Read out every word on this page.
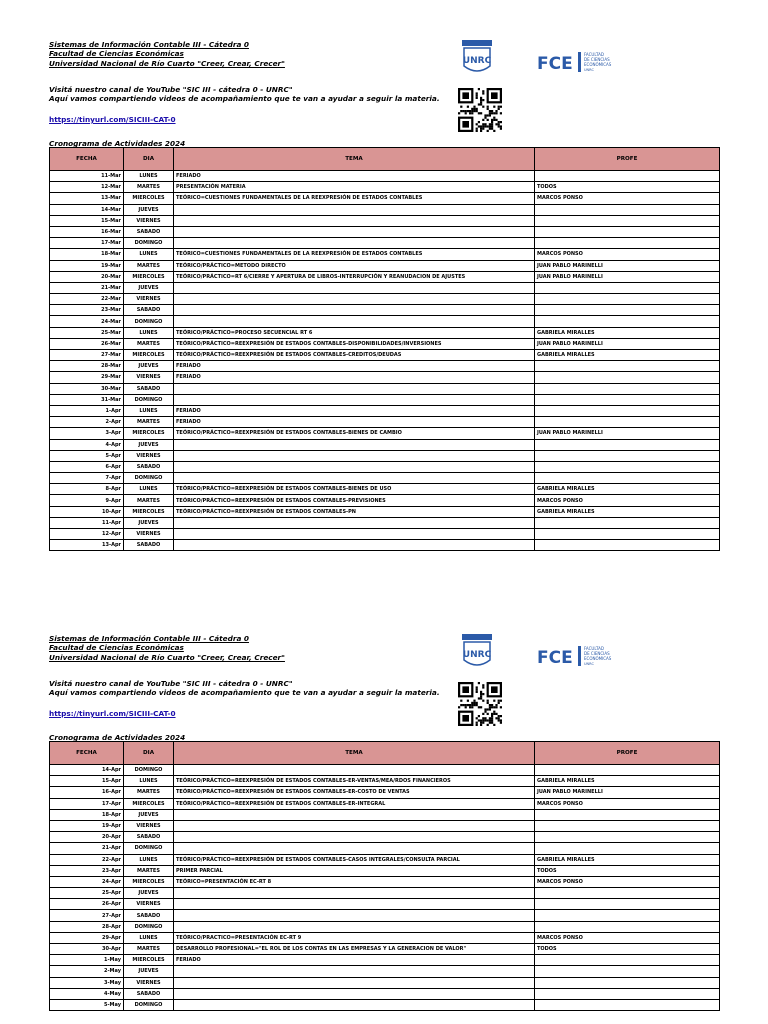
Sistemas de Información Contable III - Cátedra 0
Facultad de Ciencias Económicas
Universidad Nacional de Río Cuarto "Creer, Crear, Crecer"
Visitá nuestro canal de YouTube "SIC III - cátedra 0 - UNRC"
Aquí vamos compartiendo videos de acompañamiento que te van a ayudar a seguir la materia.
https://tinyurl.com/SICIII-CAT-0
Cronograma de Actividades 2024
UNRC	FCE	FACULTAD
DE CIENCIAS
ECONÓMICAS
UNRC
FECHA	DIA	TEMA	PROFE
11-Mar	LUNES	FERIADO	
12-Mar	MARTES	PRESENTACIÓN MATERIA	TODOS
13-Mar	MIERCOLES	TEÓRICO=CUESTIONES FUNDAMENTALES DE LA REEXPRESIÓN DE ESTADOS CONTABLES	MARCOS PONSO
14-Mar	JUEVES		
15-Mar	VIERNES		
16-Mar	SABADO		
17-Mar	DOMINGO		
18-Mar	LUNES	TEÓRICO=CUESTIONES FUNDAMENTALES DE LA REEXPRESIÓN DE ESTADOS CONTABLES	MARCOS PONSO
19-Mar	MARTES	TEÓRICO/PRÁCTICO=METODO DIRECTO	JUAN PABLO MARINELLI
20-Mar	MIERCOLES	TEÓRICO/PRÁCTICO=RT 6/CIERRE Y APERTURA DE LIBROS-INTERRUPCIÓN Y REANUDACION DE AJUSTES	JUAN PABLO MARINELLI
21-Mar	JUEVES		
22-Mar	VIERNES		
23-Mar	SABADO		
24-Mar	DOMINGO		
25-Mar	LUNES	TEÓRICO/PRÁCTICO=PROCESO SECUENCIAL RT 6	GABRIELA MIRALLES
26-Mar	MARTES	TEÓRICO/PRÁCTICO=REEXPRESIÓN DE ESTADOS CONTABLES-DISPONIBILIDADES/INVERSIONES	JUAN PABLO MARINELLI
27-Mar	MIERCOLES	TEÓRICO/PRÁCTICO=REEXPRESIÓN DE ESTADOS CONTABLES-CREDITOS/DEUDAS	GABRIELA MIRALLES
28-Mar	JUEVES	FERIADO	
29-Mar	VIERNES	FERIADO	
30-Mar	SABADO		
31-Mar	DOMINGO		
1-Apr	LUNES	FERIADO	
2-Apr	MARTES	FERIADO	
3-Apr	MIERCOLES	TEÓRICO/PRÁCTICO=REEXPRESIÓN DE ESTADOS CONTABLES-BIENES DE CAMBIO	JUAN PABLO MARINELLI
4-Apr	JUEVES		
5-Apr	VIERNES		
6-Apr	SABADO		
7-Apr	DOMINGO		
8-Apr	LUNES	TEÓRICO/PRÁCTICO=REEXPRESIÓN DE ESTADOS CONTABLES-BIENES DE USO	GABRIELA MIRALLES
9-Apr	MARTES	TEÓRICO/PRÁCTICO=REEXPRESIÓN DE ESTADOS CONTABLES-PREVISIONES	MARCOS PONSO
10-Apr	MIERCOLES	TEÓRICO/PRÁCTICO=REEXPRESIÓN DE ESTADOS CONTABLES-PN	GABRIELA MIRALLES
11-Apr	JUEVES		
12-Apr	VIERNES		
13-Apr	SABADO		
Sistemas de Información Contable III - Cátedra 0
Facultad de Ciencias Económicas
Universidad Nacional de Río Cuarto "Creer, Crear, Crecer"
Visitá nuestro canal de YouTube "SIC III - cátedra 0 - UNRC"
Aquí vamos compartiendo videos de acompañamiento que te van a ayudar a seguir la materia.
https://tinyurl.com/SICIII-CAT-0
Cronograma de Actividades 2024
UNRC	FCE	FACULTAD
DE CIENCIAS
ECONÓMICAS
UNRC
FECHA	DIA	TEMA	PROFE
14-Apr	DOMINGO		
15-Apr	LUNES	TEÓRICO/PRÁCTICO=REEXPRESIÓN DE ESTADOS CONTABLES-ER-VENTAS/MEA/RDOS FINANCIEROS	GABRIELA MIRALLES
16-Apr	MARTES	TEÓRICO/PRÁCTICO=REEXPRESIÓN DE ESTADOS CONTABLES-ER-COSTO DE VENTAS	JUAN PABLO MARINELLI
17-Apr	MIERCOLES	TEÓRICO/PRÁCTICO=REEXPRESIÓN DE ESTADOS CONTABLES-ER-INTEGRAL	MARCOS PONSO
18-Apr	JUEVES		
19-Apr	VIERNES		
20-Apr	SABADO		
21-Apr	DOMINGO		
22-Apr	LUNES	TEÓRICO/PRÁCTICO=REEXPRESIÓN DE ESTADOS CONTABLES-CASOS INTEGRALES/CONSULTA PARCIAL	GABRIELA MIRALLES
23-Apr	MARTES	PRIMER PARCIAL	TODOS
24-Apr	MIERCOLES	TEÓRICO=PRESENTACIÓN EC-RT 8	MARCOS PONSO
25-Apr	JUEVES		
26-Apr	VIERNES		
27-Apr	SABADO		
28-Apr	DOMINGO		
29-Apr	LUNES	TEÓRICO/PRACTICO=PRESENTACIÓN EC-RT 9	MARCOS PONSO
30-Apr	MARTES	DESARROLLO PROFESIONAL="EL ROL DE LOS CONTAS EN LAS EMPRESAS Y LA GENERACION DE VALOR"	TODOS
1-May	MIERCOLES	FERIADO	
2-May	JUEVES		
3-May	VIERNES		
4-May	SABADO		
5-May	DOMINGO		
